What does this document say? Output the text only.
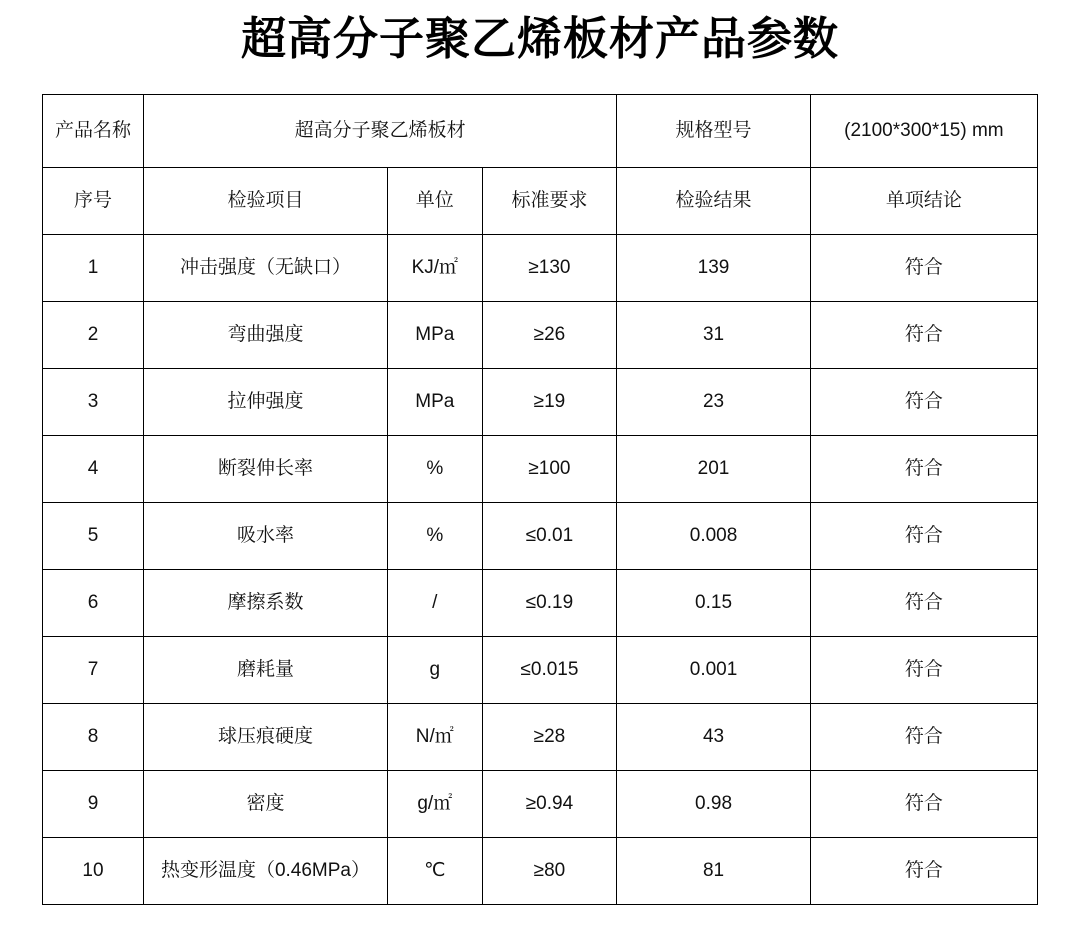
超高分子聚乙烯板材产品参数
产品名称	超高分子聚乙烯板材			规格型号	(2100*300*15) mm
序号	检验项目	单位	标准要求	检验结果	单项结论
1	冲击强度（无缺口）	KJ/㎡	≥130	139	符合
2	弯曲强度	MPa	≥26	31	符合
3	拉伸强度	MPa	≥19	23	符合
4	断裂伸长率	%	≥100	201	符合
5	吸水率	%	≤0.01	0.008	符合
6	摩擦系数	/	≤0.19	0.15	符合
7	磨耗量	g	≤0.015	0.001	符合
8	球压痕硬度	N/㎡	≥28	43	符合
9	密度	g/㎡	≥0.94	0.98	符合
10	热变形温度（0.46MPa）	℃	≥80	81	符合
